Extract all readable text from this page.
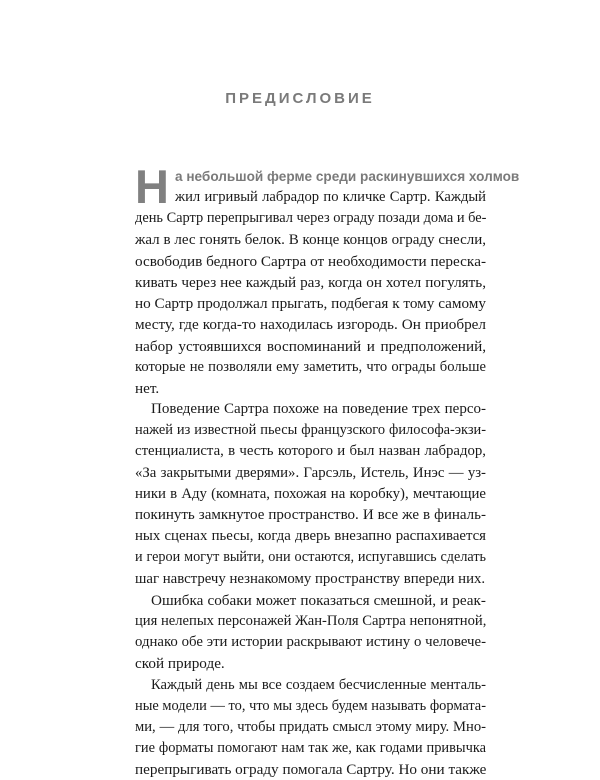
ПРЕДИСЛОВИЕ
Н а небольшой ферме среди раскинувшихся холмов
жил игривый лабрадор по кличке Сартр. Каждый
день Сартр перепрыгивал через ограду позади дома и бе-
жал в лес гонять белок. В конце концов ограду снесли,
освободив бедного Сартра от необходимости перескa-
кивать через нее каждый раз, когда он хотел погулять,
но Сартр продолжал прыгать, подбегая к тому самому
месту, где когда-то находилась изгородь. Он приобрел
набор устоявшихся воспоминаний и предположений,
которые не позволяли ему заметить, что ограды больше
нет.
Поведение Сартра похоже на поведение трех персо-
нажей из известной пьесы французского философа-экзи-
стенциалиста, в честь которого и был назван лабрадор,
«За закрытыми дверями». Гарсэль, Истель, Инэс — уз-
ники в Аду (комната, похожая на коробку), мечтающие
покинуть замкнутое пространство. И все же в финаль-
ных сценах пьесы, когда дверь внезапно распахивается
и герои могут выйти, они остаются, испугавшись сделать
шаг навстречу незнакомому пространству впереди них.
Ошибка собаки может показаться смешной, и реак-
ция нелепых персонажей Жан-Поля Сартра непонятной,
однако обе эти истории раскрывают истину о человече-
ской природе.
Каждый день мы все создаем бесчисленные менталь-
ные модели — то, что мы здесь будем называть формата-
ми, — для того, чтобы придать смысл этому миру. Мно-
гие форматы помогают нам так же, как годами привычка
перепрыгивать ограду помогала Сартру. Но они также
